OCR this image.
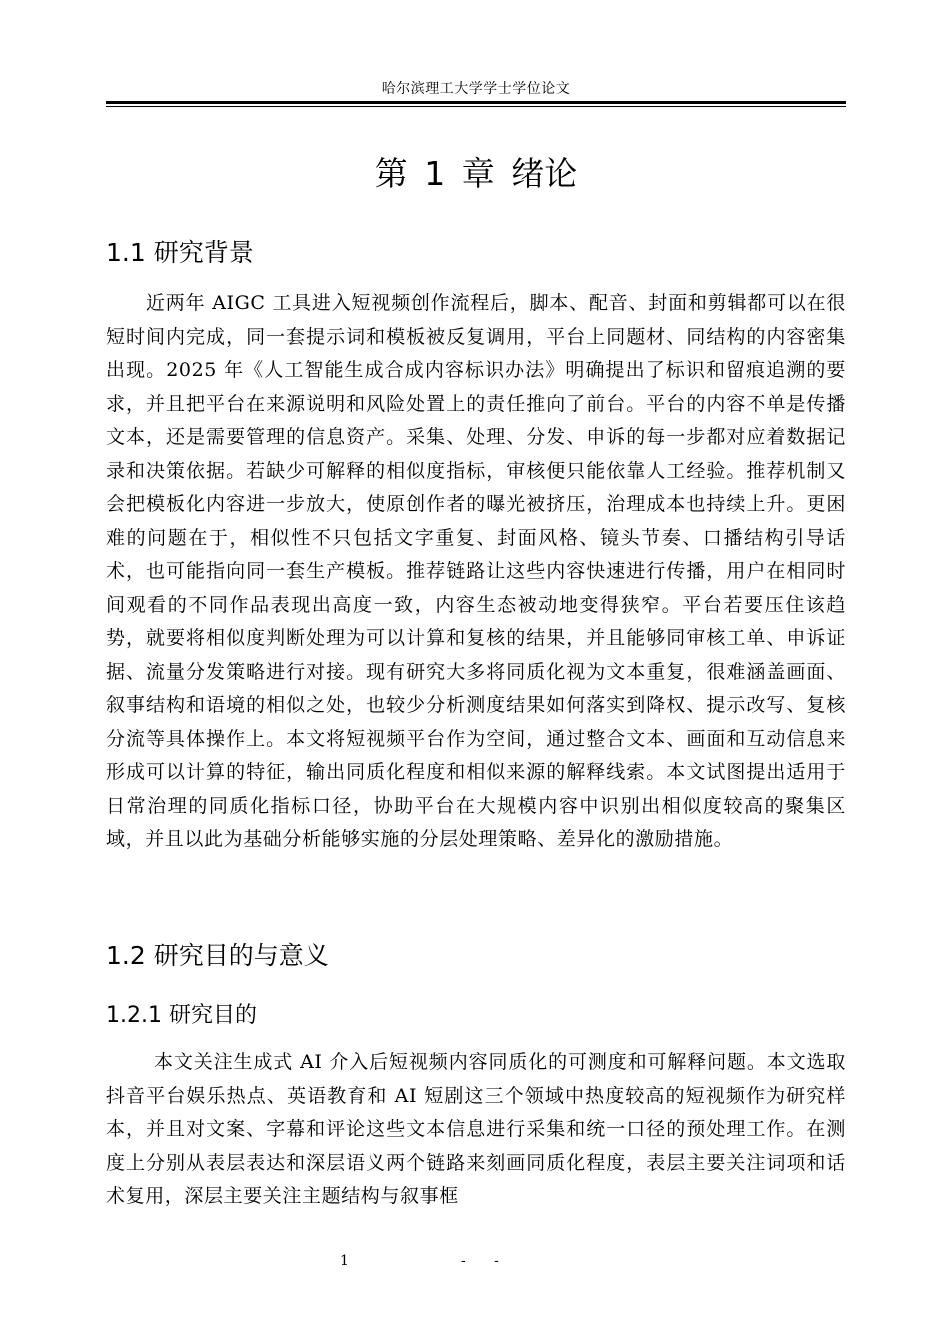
哈尔滨理工大学学士学位论文
第 1 章 绪论
1.1 研究背景

近两年 AIGC 工具进入短视频创作流程后，脚本、配音、封面和剪辑都可以在很短时间内完成，同一套提示词和模板被反复调用，平台上同题材、同结构的内容密集出现。2025 年《人工智能生成合成内容标识办法》明确提出了标识和留痕追溯的要求，并且把平台在来源说明和风险处置上的责任推向了前台。平台的内容不单是传播文本，还是需要管理的信息资产。采集、处理、分发、申诉的每一步都对应着数据记录和决策依据。若缺少可解释的相似度指标，审核便只能依靠人工经验。推荐机制又会把模板化内容进一步放大，使原创作者的曝光被挤压，治理成本也持续上升。更困难的问题在于，相似性不只包括文字重复、封面风格、镜头节奏、口播结构引导话术，也可能指向同一套生产模板。推荐链路让这些内容快速进行传播，用户在相同时间观看的不同作品表现出高度一致，内容生态被动地变得狭窄。平台若要压住该趋势，就要将相似度判断处理为可以计算和复核的结果，并且能够同审核工单、申诉证据、流量分发策略进行对接。现有研究大多将同质化视为文本重复，很难涵盖画面、叙事结构和语境的相似之处，也较少分析测度结果如何落实到降权、提示改写、复核分流等具体操作上。本文将短视频平台作为空间，通过整合文本、画面和互动信息来形成可以计算的特征，输出同质化程度和相似来源的解释线索。本文试图提出适用于日常治理的同质化指标口径，协助平台在大规模内容中识别出相似度较高的聚集区域，并且以此为基础分析能够实施的分层处理策略、差异化的激励措施。

1.2 研究目的与意义
1.2.1 研究目的

本文关注生成式 AI 介入后短视频内容同质化的可测度和可解释问题。本文选取抖音平台娱乐热点、英语教育和 AI 短剧这三个领域中热度较高的短视频作为研究样本，并且对文案、字幕和评论这些文本信息进行采集和统一口径的预处理工作。在测度上分别从表层表达和深层语义两个链路来刻画同质化程度，表层主要关注词项和话术复用，深层主要关注主题结构与叙事框

1	- -
